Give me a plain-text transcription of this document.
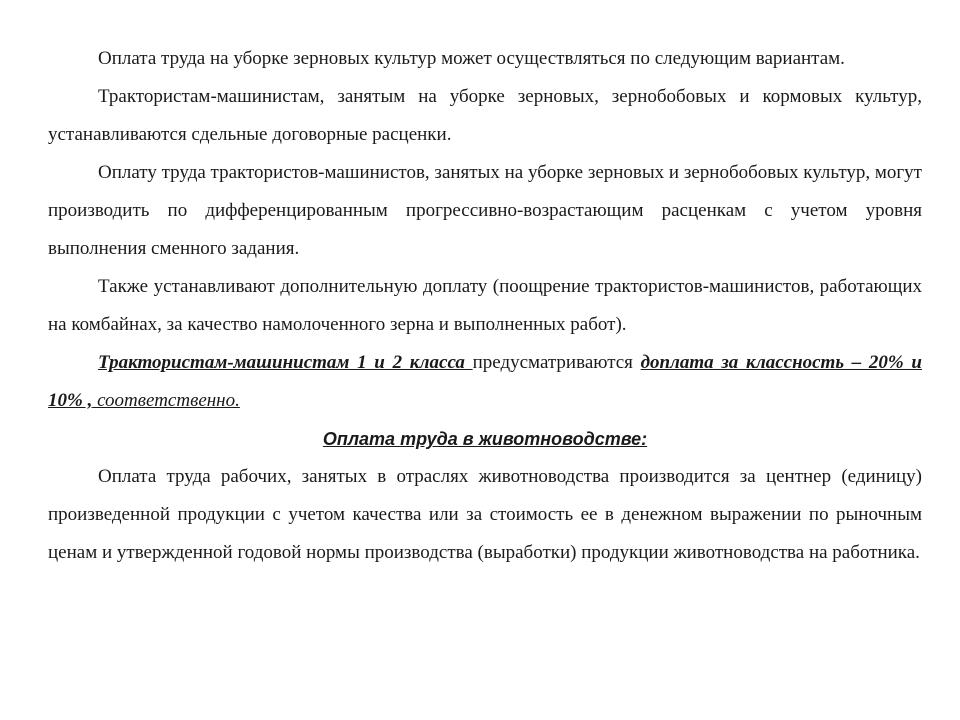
Оплата труда на уборке зерновых культур может осуществляться по следующим вариантам.

Трактористам-машинистам, занятым на уборке зерновых, зернобобовых и кормовых культур, устанавливаются сдельные договорные расценки.

Оплату труда трактористов-машинистов, занятых на уборке зерновых и зернобобовых культур, могут производить по дифференцированным прогрессивно-возрастающим расценкам с учетом уровня выполнения сменного задания.

Также устанавливают дополнительную доплату (поощрение трактористов-машинистов, работающих на комбайнах, за качество намолоченного зерна и выполненных работ).

Трактористам-машинистам 1 и 2 класса предусматриваются доплата за классность – 20% и 10% , соответственно.

Оплата труда в животноводстве:

Оплата труда рабочих, занятых в отраслях животноводства производится за центнер (единицу) произведенной продукции с учетом качества или за стоимость ее в денежном выражении по рыночным ценам и утвержденной годовой нормы производства (выработки) продукции животноводства на работника.
